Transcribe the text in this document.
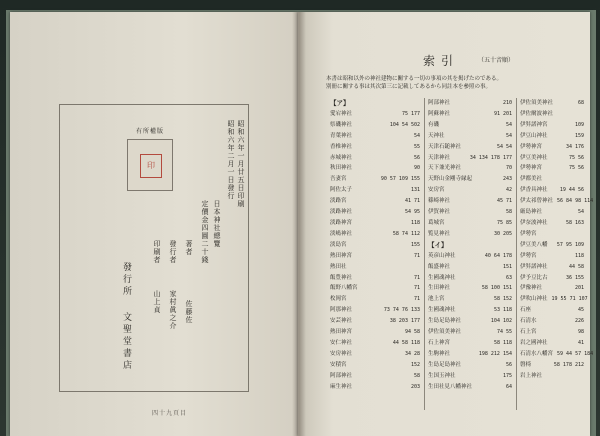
有所權版
印	昭和六年一月廿五日印刷
昭和六年二月一日發行
日本神社總覽
定價金四圓二十錢
著者
佐藤佐
發行者
家村眞之介
印刷者
山上貞
發行所
文聖堂書店
四十九頁目
索引	（五十音順）
本書は昭和以外の神社建物に關する一切の事項の其を掲げたのである。
別冊に關する事は其次第三に記載してあるから同註本を參照の事。
【ア】
愛宕神社	75 177
県磯神社	104 54 502
青葉神社	54
香椎神社	55
赤城神社	56
秋田神社	90
吾妻宮	90 57 109 155
阿佐太子	131
淡路宮	41 71
淡路神社	54 95
淡路神宮	118
淡嶋神社	58 74 112
淡島宮	155
熱田神宮	71
熱田社
飯豊神社	71
飯野八幡宮	71
枚岡宮	71
阿那神社	73 74 76 133
安芸神社	38 203 177
熱田神宮	94 58
安仁神社	44 58 118
安房神社	34 28
安積宮	152
阿部神社	58
麻生神社	203
阿部神社	210
阿蘇神社	91 201
有磯	54
天神社	54
天津石鎚神社	54 54
天津神社	34 134 178 177
天下兼光神社	70
天野山金剛寺縁起	243
安房宮	42
篠崎神社	45 71
伊賀神社	58
葛城宮	75 85
覧見神社	30 205
【イ】
英彦山神社	40 64 178
飯盛神社	151
生國魂神社	63
生田神社	58 100 151
池上宮	58 152
生國魂神社	53 118
生島足島神社	104 102
伊佐須美神社	74 55
石上神宮	58 118
生駒神社	198 212 154
生島足島神社	56
生国玉神社	175
生田社見八幡神社	64
伊佐須美神社	68
伊佐爾波神社
伊弉諾神宮	109
伊豆山神社	159
伊勢神宮	34 176
伊豆美神社	75 56
伊勢神宮	75 56
伊都美社
伊香具神社 19 44 56
伊太祁曾神社 56 84 98 114
厳島神社	54
伊奈波神社	58 163
伊勢宮
伊豆美八幡 57 95 109
伊勢宮	118
伊弉諾神社	44 58
伊予豆比古	36 155
伊豫神社	201
伊吹山神社 19 55 71 107
石座	45
石清水	226
石上宮	98
岩之國神社	41
石清水八幡宮 59 44 57 184
磐椅	58 178 212
岩上神社
